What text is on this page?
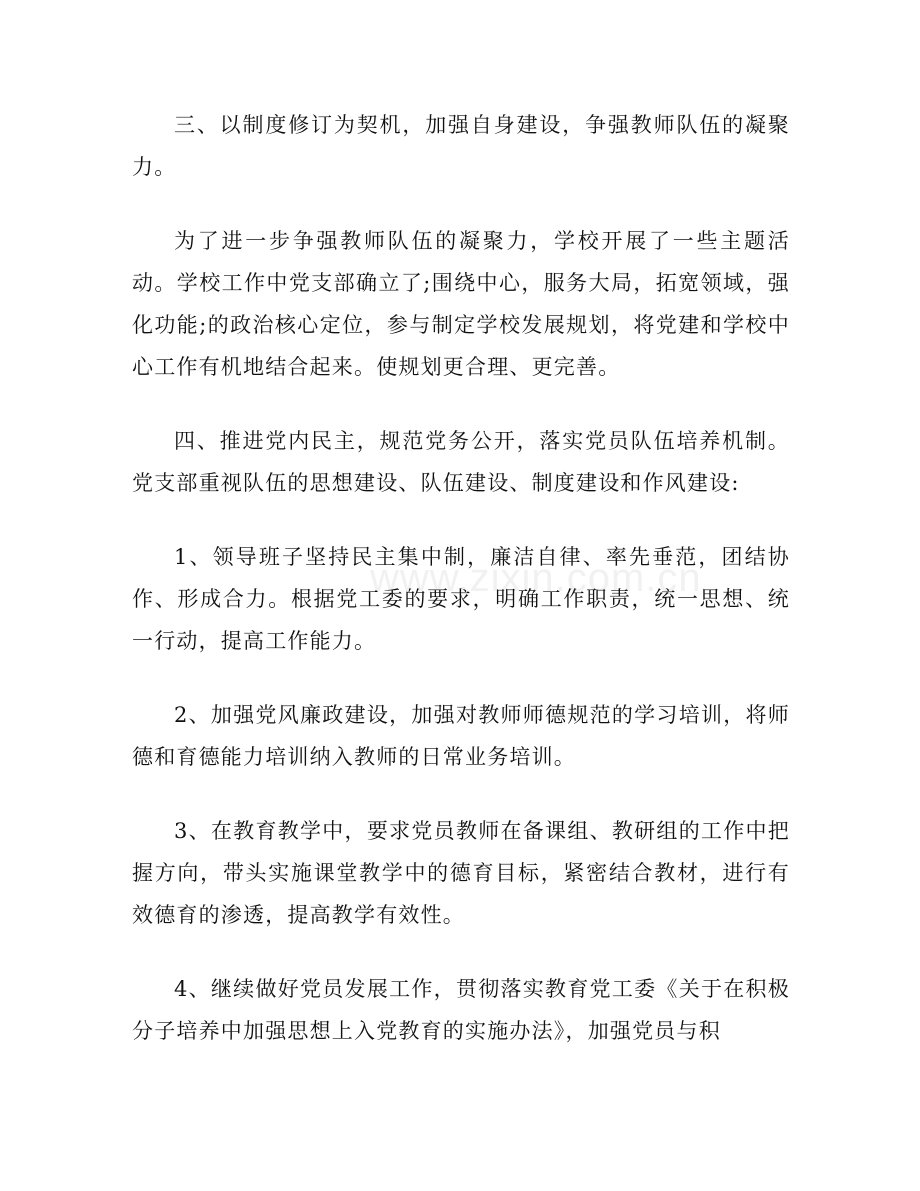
三、以制度修订为契机，加强自身建设，争强教师队伍的凝聚力。

为了进一步争强教师队伍的凝聚力，学校开展了一些主题活动。学校工作中党支部确立了;围绕中心，服务大局，拓宽领域，强化功能;的政治核心定位，参与制定学校发展规划，将党建和学校中心工作有机地结合起来。使规划更合理、更完善。

四、推进党内民主，规范党务公开，落实党员队伍培养机制。党支部重视队伍的思想建设、队伍建设、制度建设和作风建设:

1、领导班子坚持民主集中制，廉洁自律、率先垂范，团结协作、形成合力。根据党工委的要求，明确工作职责，统一思想、统一行动，提高工作能力。

2、加强党风廉政建设，加强对教师师德规范的学习培训，将师德和育德能力培训纳入教师的日常业务培训。

3、在教育教学中，要求党员教师在备课组、教研组的工作中把握方向，带头实施课堂教学中的德育目标，紧密结合教材，进行有效德育的渗透，提高教学有效性。

4、继续做好党员发展工作，贯彻落实教育党工委《关于在积极分子培养中加强思想上入党教育的实施办法》，加强党员与积

www.zixin.com.cn
